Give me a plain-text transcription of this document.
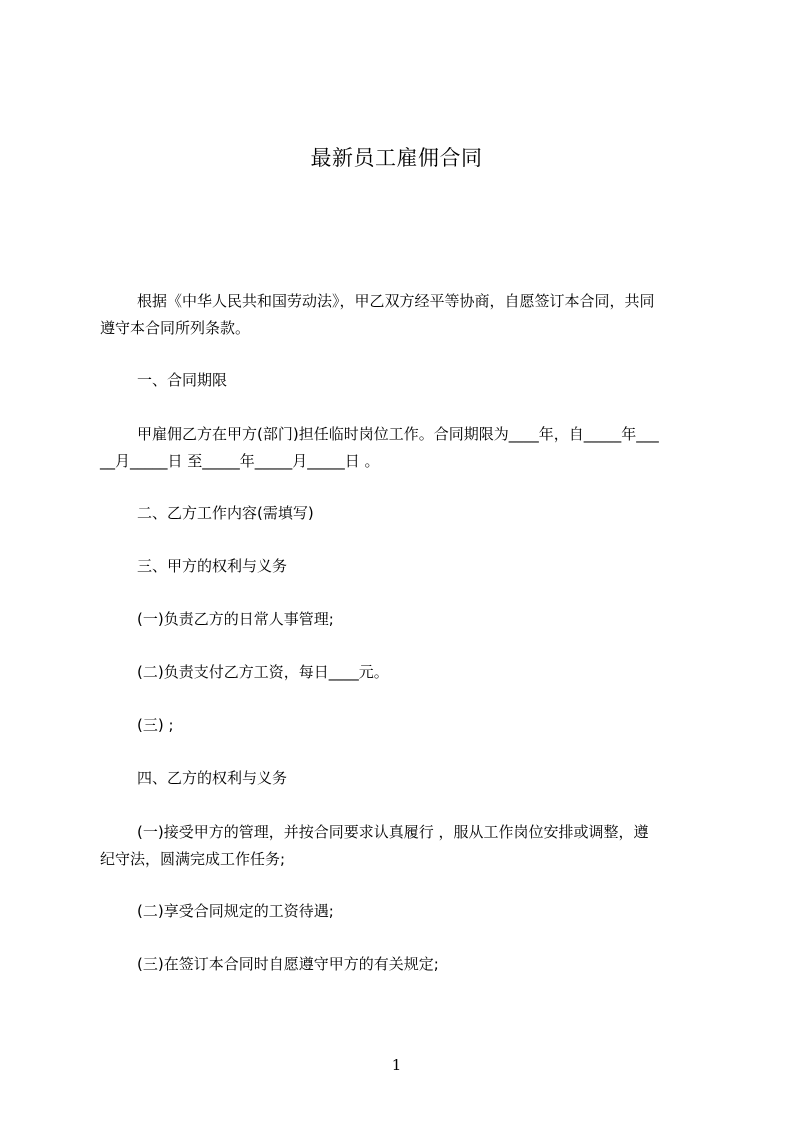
最新员工雇佣合同
根据《中华人民共和国劳动法》，甲乙双方经平等协商，自愿签订本合同，共同
遵守本合同所列条款。
一、合同期限
甲雇佣乙方在甲方(部门)担任临时岗位工作。合同期限为____年，自_____年___
__月_____日 至_____年_____月_____日 。
二、乙方工作内容(需填写)
三、甲方的权利与义务
(一)负责乙方的日常人事管理;
(二)负责支付乙方工资，每日____元。
(三) ;
四、乙方的权利与义务
(一)接受甲方的管理，并按合同要求认真履行 ，服从工作岗位安排或调整，遵
纪守法，圆满完成工作任务;
(二)享受合同规定的工资待遇;
(三)在签订本合同时自愿遵守甲方的有关规定;
1
